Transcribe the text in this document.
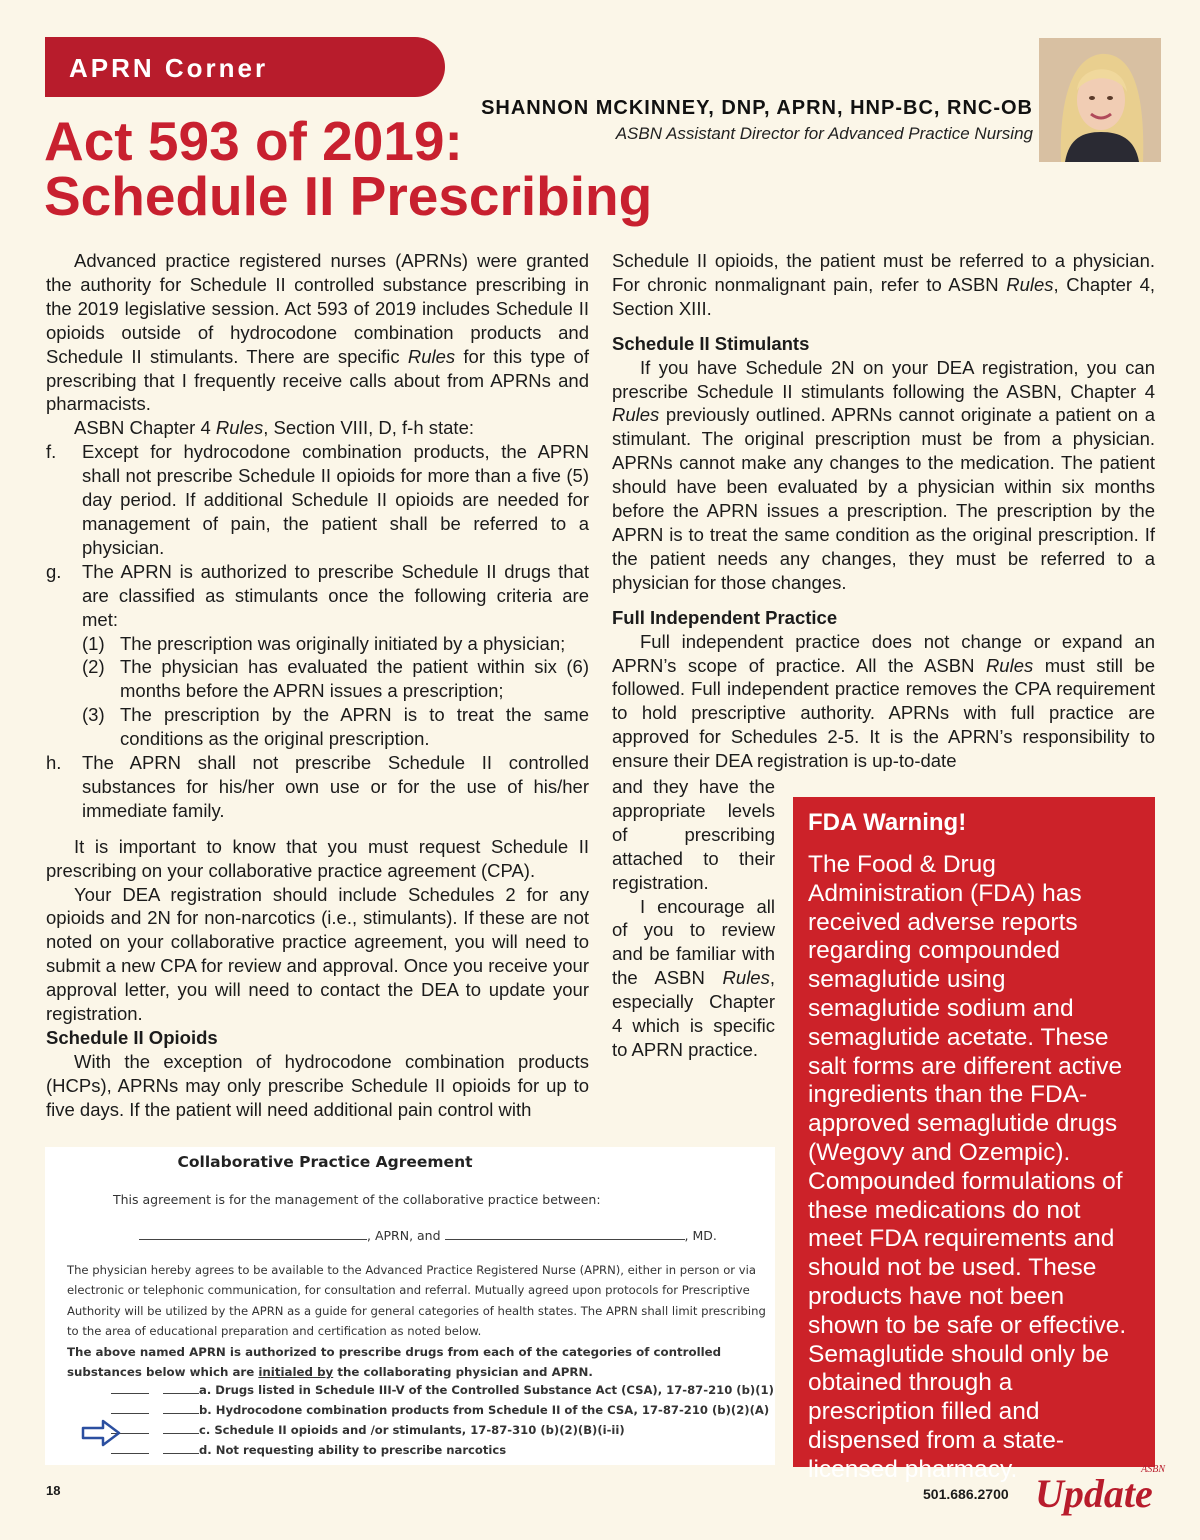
APRN Corner
SHANNON MCKINNEY, DNP, APRN, HNP-BC, RNC-OB
ASBN Assistant Director for Advanced Practice Nursing
Act 593 of 2019:
Schedule II Prescribing

Advanced practice registered nurses (APRNs) were granted the authority for Schedule II controlled substance prescribing in the 2019 legislative session. Act 593 of 2019 includes Schedule II opioids outside of hydrocodone combination products and Schedule II stimulants. There are specific Rules for this type of prescribing that I frequently receive calls about from APRNs and pharmacists.

ASBN Chapter 4 Rules, Section VIII, D, f-h state:

f. Except for hydrocodone combination products, the APRN shall not prescribe Schedule II opioids for more than a five (5) day period. If additional Schedule II opioids are needed for management of pain, the patient shall be referred to a physician.
g. The APRN is authorized to prescribe Schedule II drugs that are classified as stimulants once the following criteria are met:
(1) The prescription was originally initiated by a physician;
(2) The physician has evaluated the patient within six (6) months before the APRN issues a prescription;
(3) The prescription by the APRN is to treat the same conditions as the original prescription.
h. The APRN shall not prescribe Schedule II controlled substances for his/her own use or for the use of his/her immediate family.

It is important to know that you must request Schedule II prescribing on your collaborative practice agreement (CPA).

Your DEA registration should include Schedules 2 for any opioids and 2N for non-narcotics (i.e., stimulants). If these are not noted on your collaborative practice agreement, you will need to submit a new CPA for review and approval. Once you receive your approval letter, you will need to contact the DEA to update your registration.

Schedule II Opioids

With the exception of hydrocodone combination products (HCPs), APRNs may only prescribe Schedule II opioids for up to five days. If the patient will need additional pain control with

Schedule II opioids, the patient must be referred to a physician. For chronic nonmalignant pain, refer to ASBN Rules, Chapter 4, Section XIII.

Schedule II Stimulants

If you have Schedule 2N on your DEA registration, you can prescribe Schedule II stimulants following the ASBN, Chapter 4 Rules previously outlined. APRNs cannot originate a patient on a stimulant. The original prescription must be from a physician. APRNs cannot make any changes to the medication. The patient should have been evaluated by a physician within six months before the APRN issues a prescription. The prescription by the APRN is to treat the same condition as the original prescription. If the patient needs any changes, they must be referred to a physician for those changes.

Full Independent Practice

Full independent practice does not change or expand an APRN’s scope of practice. All the ASBN Rules must still be followed. Full independent practice removes the CPA requirement to hold prescriptive authority. APRNs with full practice are approved for Schedules 2-5. It is the APRN’s responsibility to ensure their DEA registration is up-to-date

and they have the appropriate levels of prescribing attached to their registration.

I encourage all of you to review and be familiar with the ASBN Rules, especially Chapter 4 which is specific to APRN practice.

FDA Warning!
The Food & Drug Administration (FDA) has received adverse reports regarding compounded semaglutide using semaglutide sodium and semaglutide acetate. These salt forms are different active ingredients than the FDA-approved semaglutide drugs (Wegovy and Ozempic). Compounded formulations of these medications do not meet FDA requirements and should not be used. These products have not been shown to be safe or effective. Semaglutide should only be obtained through a prescription filled and dispensed from a state-licensed pharmacy.
Collaborative Practice Agreement
This agreement is for the management of the collaborative practice between:
, APRN, and	, MD.
The physician hereby agrees to be available to the Advanced Practice Registered Nurse (APRN), either in person or via electronic or telephonic communication, for consultation and referral. Mutually agreed upon protocols for Prescriptive Authority will be utilized by the APRN as a guide for general categories of health states. The APRN shall limit prescribing to the area of educational preparation and certification as noted below.
The above named APRN is authorized to prescribe drugs from each of the categories of controlled substances below which are initialed by the collaborating physician and APRN.
a. Drugs listed in Schedule III-V of the Controlled Substance Act (CSA), 17-87-210 (b)(1)
b. Hydrocodone combination products from Schedule II of the CSA, 17-87-210 (b)(2)(A)
c. Schedule II opioids and /or stimulants, 17-87-310 (b)(2)(B)(i-ii)
d. Not requesting ability to prescribe narcotics
18	501.686.2700
ASBN
Update
